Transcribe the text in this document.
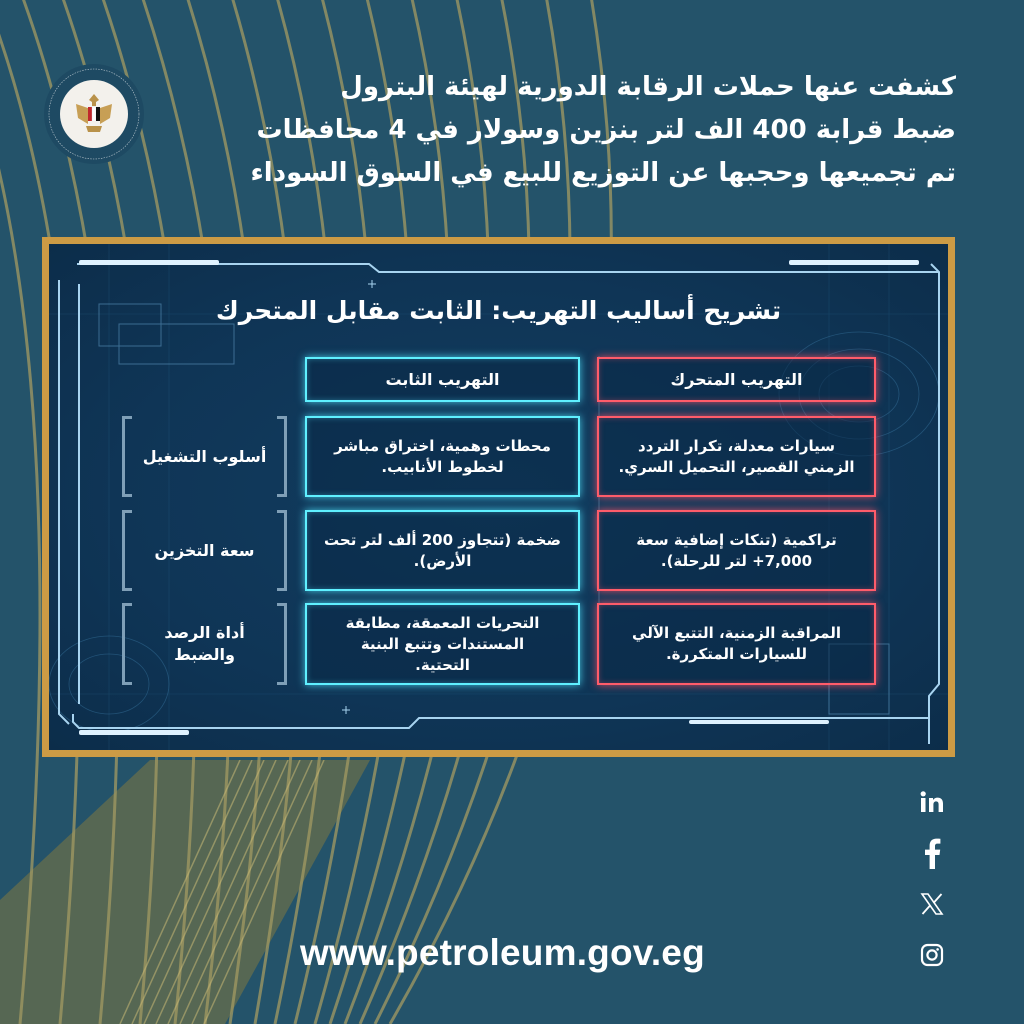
كشفت عنها حملات الرقابة الدورية لهيئة البترول
ضبط قرابة 400 الف لتر بنزين وسولار في 4 محافظات
تم تجميعها وحجبها عن التوزيع للبيع في السوق السوداء
تشريح أساليب التهريب: الثابت مقابل المتحرك
التهريب المتحرك
التهريب الثابت
أسلوب التشغيل
محطات وهمية، اختراق مباشر لخطوط الأنابيب.
سيارات معدلة، تكرار التردد الزمني القصير، التحميل السري.
سعة التخزين
ضخمة (تتجاوز 200 ألف لتر تحت الأرض).
تراكمية (تنكات إضافية سعة 7,000+ لتر للرحلة).
أداة الرصد والضبط
التحريات المعمقة، مطابقة المستندات وتتبع البنية التحتية.
المراقبة الزمنية، التتبع الآلي للسيارات المتكررة.
www.petroleum.gov.eg
